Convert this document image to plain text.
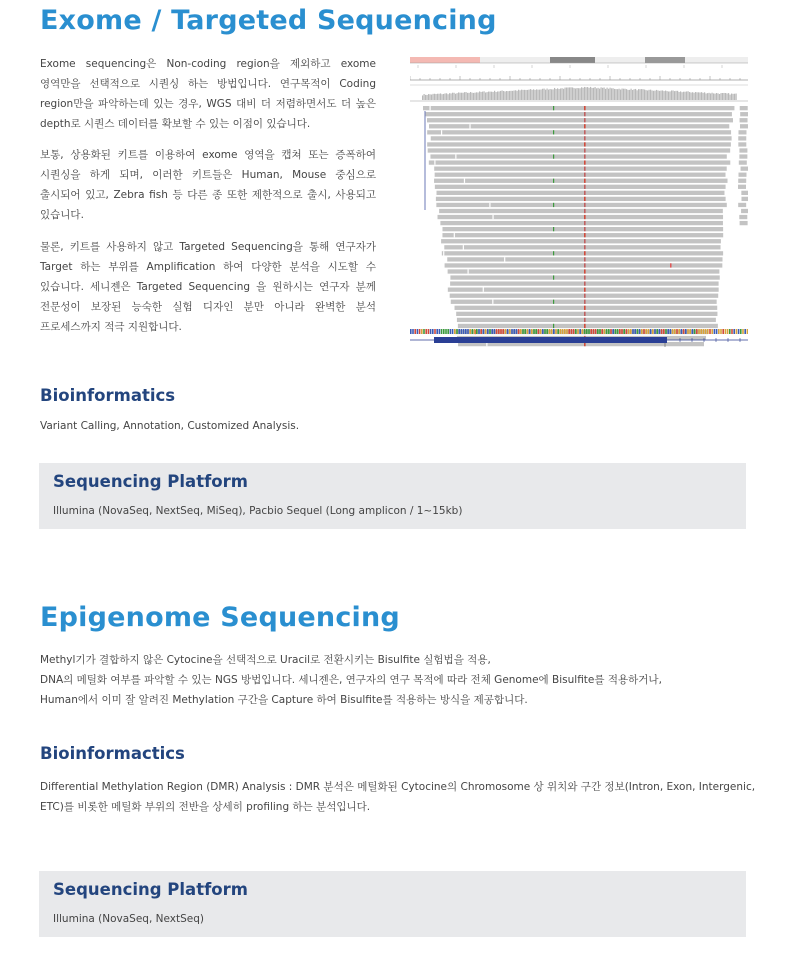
Exome / Targeted Sequencing

Exome sequencing은 Non-coding region을 제외하고 exome

영역만을 선택적으로 시퀀싱 하는 방법입니다. 연구목적이 Coding

region만을 파악하는데 있는 경우, WGS 대비 더 저렴하면서도 더 높은

depth로 시퀀스 데이터를 확보할 수 있는 이점이 있습니다.

보통, 상용화된 키트를 이용하여 exome 영역을 캡쳐 또는 증폭하여

시퀀싱을 하게 되며, 이러한 키트들은 Human, Mouse 중심으로

출시되어 있고, Zebra fish 등 다른 종 또한 제한적으로 출시, 사용되고

있습니다.

물론, 키트를 사용하지 않고 Targeted Sequencing을 통해 연구자가

Target 하는 부위를 Amplification 하여 다양한 분석을 시도할 수

있습니다. 세니젠은 Targeted Sequencing 을 원하시는 연구자 분께

전문성이 보장된 능숙한 실험 디자인 분만 아니라 완벽한 분석

프로세스까지 적극 지원합니다.

Bioinformatics

Variant Calling, Annotation, Customized Analysis.

Sequencing Platform

Illumina (NovaSeq, NextSeq, MiSeq), Pacbio Sequel (Long amplicon / 1~15kb)

Epigenome Sequencing

Methyl기가 결합하지 않은 Cytocine을 선택적으로 Uracil로 전환시키는 Bisulfite 실험법을 적용,

DNA의 메틸화 여부를 파악할 수 있는 NGS 방법입니다. 세니젠은, 연구자의 연구 목적에 따라 전체 Genome에 Bisulfite를 적용하거나,

Human에서 이미 잘 알려진 Methylation 구간을 Capture 하여 Bisulfite를 적용하는 방식을 제공합니다.

Bioinformactics

Differential Methylation Region (DMR) Analysis : DMR 분석은 메틸화된 Cytocine의 Chromosome 상 위치와 구간 정보(Intron, Exon, Intergenic,

ETC)를 비롯한 메틸화 부위의 전반을 상세히 profiling 하는 분석입니다.

Sequencing Platform

Illumina (NovaSeq, NextSeq)
